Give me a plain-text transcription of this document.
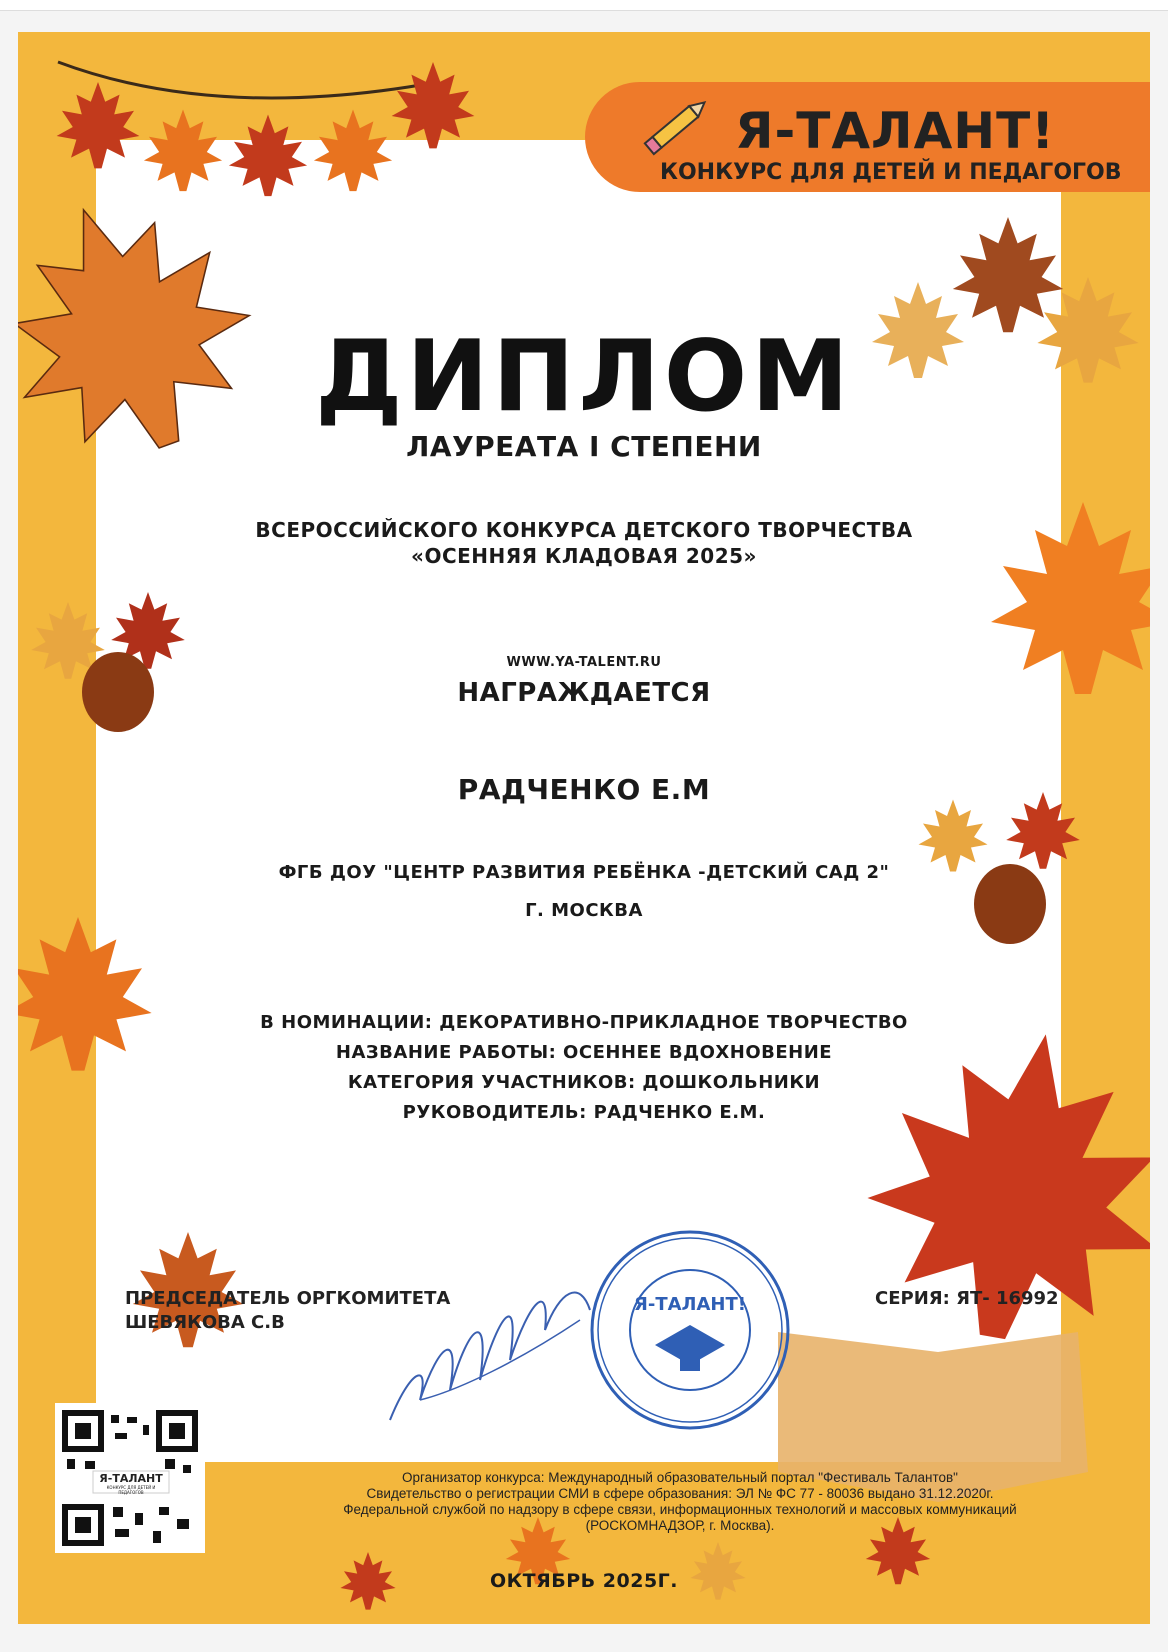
Я-ТАЛАНТ!
КОНКУРС ДЛЯ ДЕТЕЙ И ПЕДАГОГОВ
ДИПЛОМ
ЛАУРЕАТА I СТЕПЕНИ
ВСЕРОССИЙСКОГО КОНКУРСА ДЕТСКОГО ТВОРЧЕСТВА
«ОСЕННЯЯ КЛАДОВАЯ 2025»
WWW.YA-TALENT.RU
НАГРАЖДАЕТСЯ
РАДЧЕНКО Е.М
ФГБ ДОУ "ЦЕНТР РАЗВИТИЯ РЕБЁНКА -ДЕТСКИЙ САД 2"
Г. МОСКВА
В НОМИНАЦИИ: ДЕКОРАТИВНО-ПРИКЛАДНОЕ ТВОРЧЕСТВО
НАЗВАНИЕ РАБОТЫ: ОСЕННЕЕ ВДОХНОВЕНИЕ
КАТЕГОРИЯ УЧАСТНИКОВ: ДОШКОЛЬНИКИ
РУКОВОДИТЕЛЬ: РАДЧЕНКО Е.М.
ПРЕДСЕДАТЕЛЬ ОРГКОМИТЕТА
ШЕВЯКОВА С.В
СЕРИЯ: ЯТ- 16992
Я-ТАЛАНТ!
Я-ТАЛАНТ
КОНКУРС ДЛЯ ДЕТЕЙ И ПЕДАГОГОВ
Организатор конкурса: Международный образовательный портал "Фестиваль Талантов"
Свидетельство о регистрации СМИ в сфере образования: ЭЛ № ФС 77 - 80036 выдано 31.12.2020г.
Федеральной службой по надзору в сфере связи, информационных технологий и массовых коммуникаций
(РОСКОМНАДЗОР, г. Москва).
ОКТЯБРЬ 2025Г.
